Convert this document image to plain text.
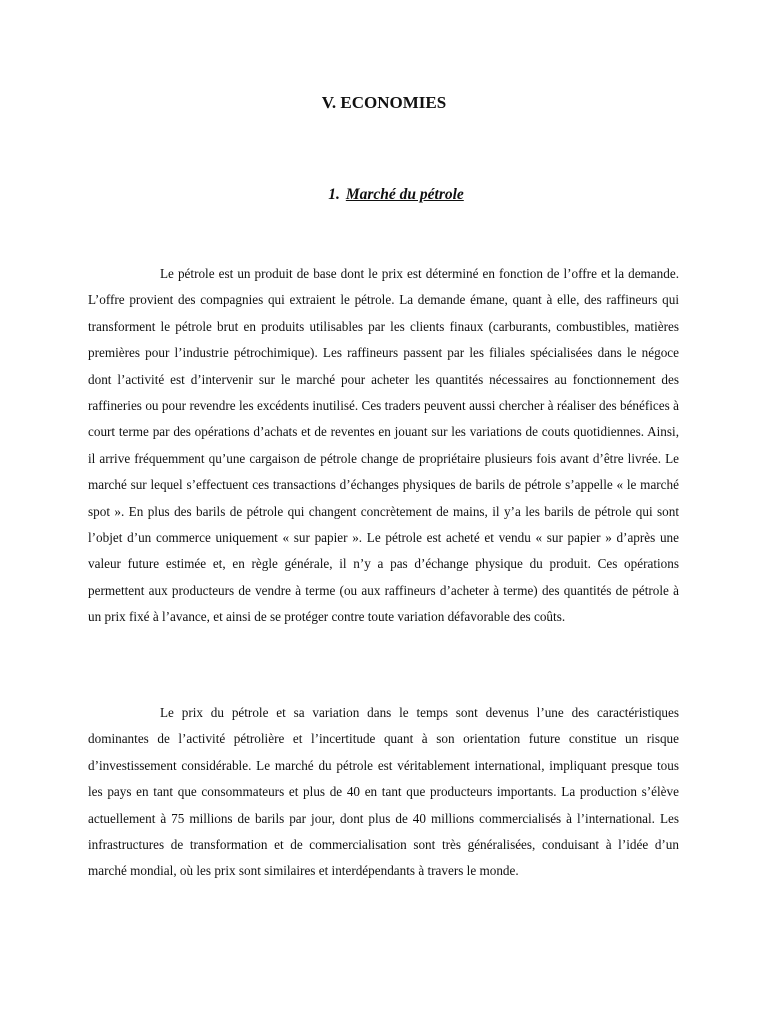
V. ECONOMIES
1. Marché du pétrole

Le pétrole est un produit de base dont le prix est déterminé en fonction de l’offre et la demande. L’offre provient des compagnies qui extraient le pétrole. La demande émane, quant à elle, des raffineurs qui transforment le pétrole brut en produits utilisables par les clients finaux (carburants, combustibles, matières premières pour l’industrie pétrochimique). Les raffineurs passent par les filiales spécialisées dans le négoce dont l’activité est d’intervenir sur le marché pour acheter les quantités nécessaires au fonctionnement des raffineries ou pour revendre les excédents inutilisé. Ces traders peuvent aussi chercher à réaliser des bénéfices à court terme par des opérations d’achats et de reventes en jouant sur les variations de couts quotidiennes. Ainsi, il arrive fréquemment qu’une cargaison de pétrole change de propriétaire plusieurs fois avant d’être livrée. Le marché sur lequel s’effectuent ces transactions d’échanges physiques de barils de pétrole s’appelle « le marché spot ». En plus des barils de pétrole qui changent concrètement de mains, il y’a les barils de pétrole qui sont l’objet d’un commerce uniquement « sur papier ». Le pétrole est acheté et vendu « sur papier » d’après une valeur future estimée et, en règle générale, il n’y a pas d’échange physique du produit. Ces opérations permettent aux producteurs de vendre à terme (ou aux raffineurs d’acheter à terme) des quantités de pétrole à un prix fixé à l’avance, et ainsi de se protéger contre toute variation défavorable des coûts.

Le prix du pétrole et sa variation dans le temps sont devenus l’une des caractéristiques dominantes de l’activité pétrolière et l’incertitude quant à son orientation future constitue un risque d’investissement considérable. Le marché du pétrole est véritablement international, impliquant presque tous les pays en tant que consommateurs et plus de 40 en tant que producteurs importants. La production s’élève actuellement à 75 millions de barils par jour, dont plus de 40 millions commercialisés à l’international. Les infrastructures de transformation et de commercialisation sont très généralisées, conduisant à l’idée d’un marché mondial, où les prix sont similaires et interdépendants à travers le monde.
